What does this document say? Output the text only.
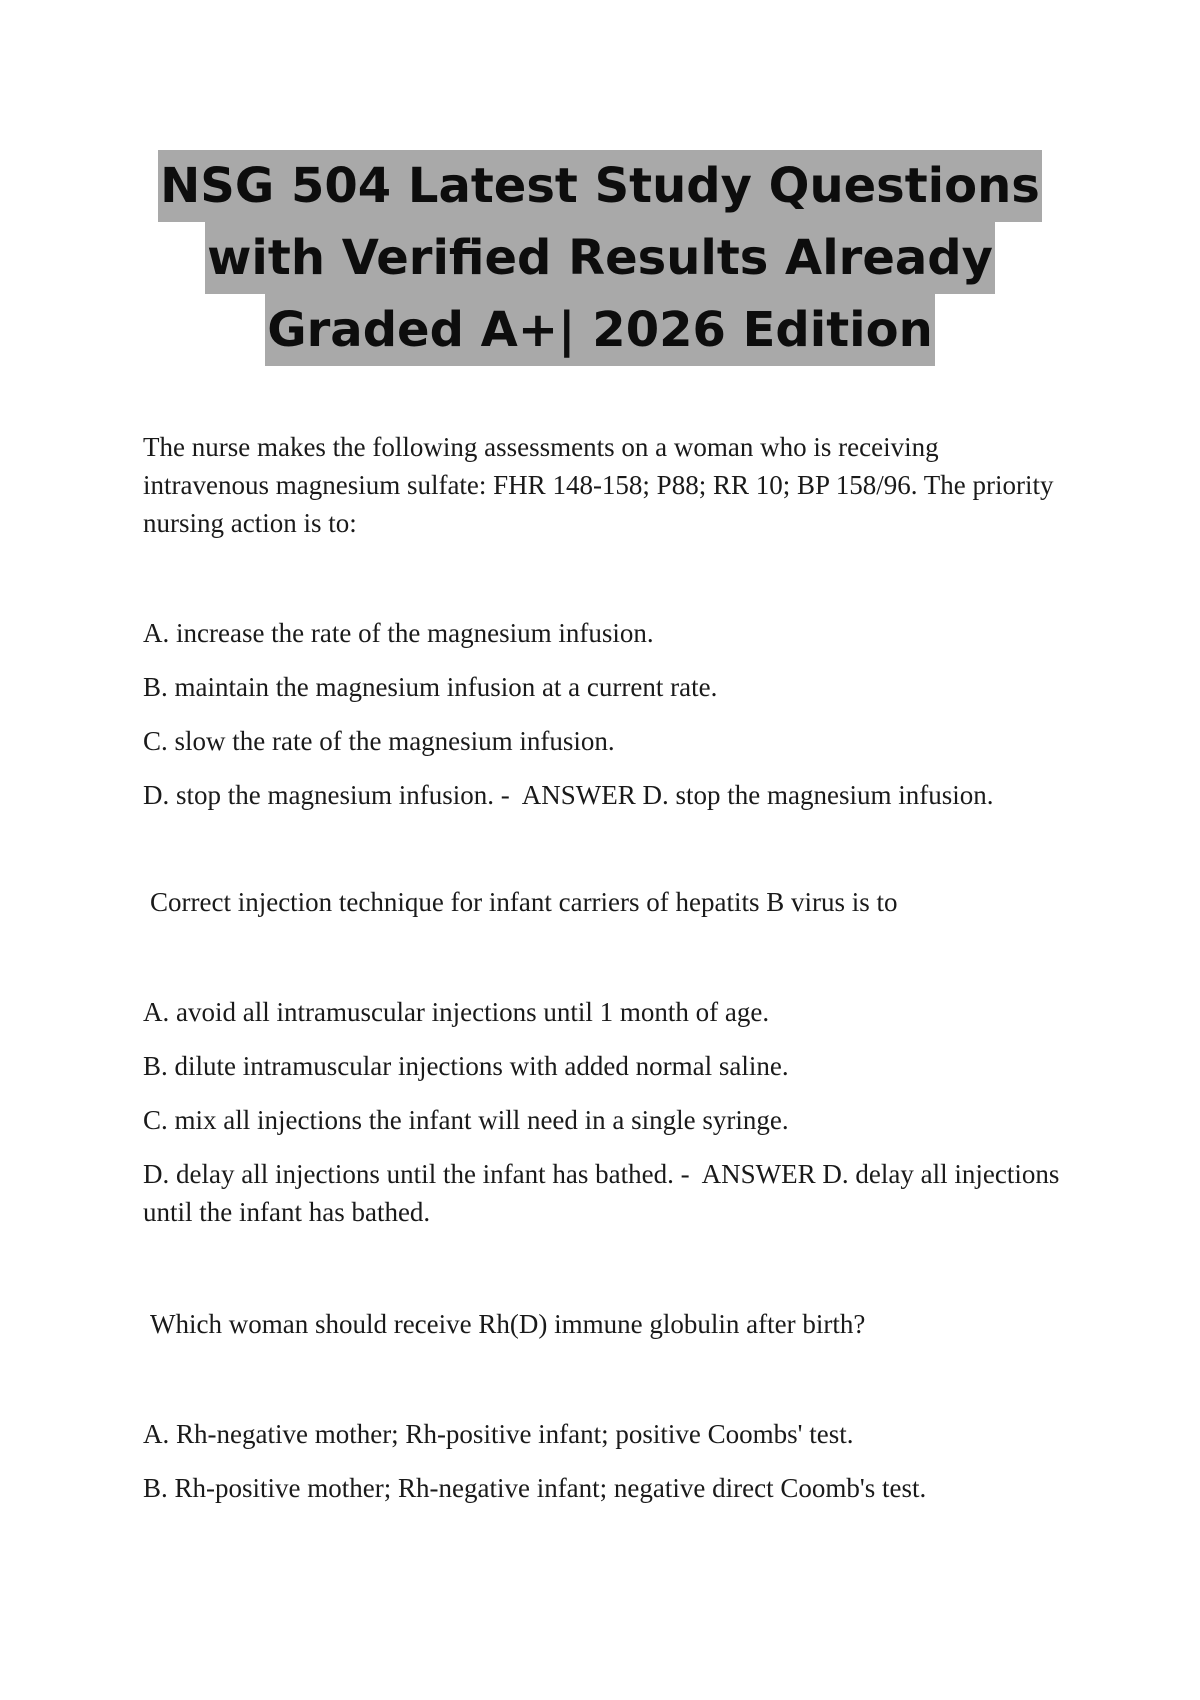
NSG 504 Latest Study Questions
with Verified Results Already
Graded A+| 2026 Edition

The nurse makes the following assessments on a woman who is receiving intravenous magnesium sulfate: FHR 148-158; P88; RR 10; BP 158/96. The priority nursing action is to:

A. increase the rate of the magnesium infusion.
B. maintain the magnesium infusion at a current rate.
C. slow the rate of the magnesium infusion.
D. stop the magnesium infusion. -  ANSWER D. stop the magnesium infusion.

Correct injection technique for infant carriers of hepatits B virus is to

A. avoid all intramuscular injections until 1 month of age.
B. dilute intramuscular injections with added normal saline.
C. mix all injections the infant will need in a single syringe.
D. delay all injections until the infant has bathed. -  ANSWER D. delay all injections until the infant has bathed.

Which woman should receive Rh(D) immune globulin after birth?

A. Rh-negative mother; Rh-positive infant; positive Coombs' test.
B. Rh-positive mother; Rh-negative infant; negative direct Coomb's test.
